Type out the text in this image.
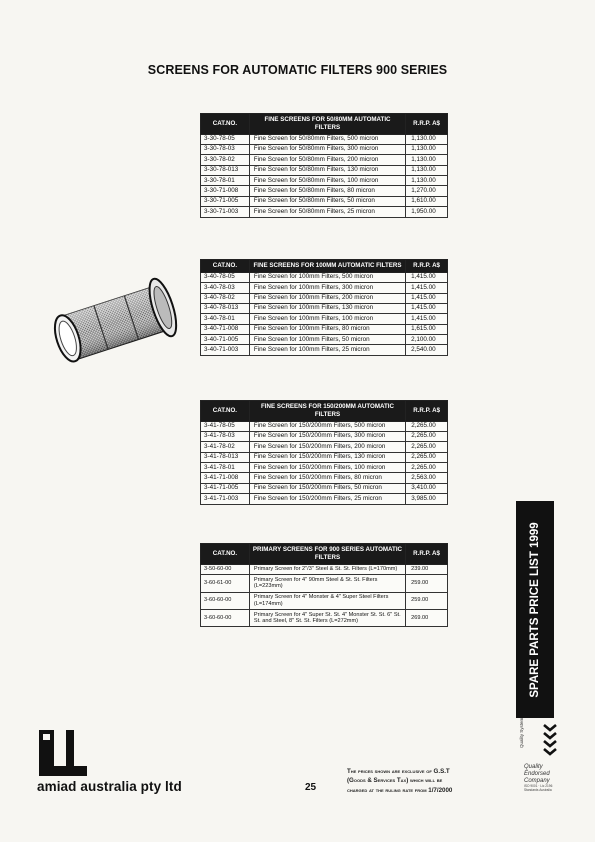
SCREENS FOR AUTOMATIC FILTERS 900 SERIES
CAT.NO.	FINE SCREENS FOR 50/80MM AUTOMATIC FILTERS	R.R.P. A$
3-30-78-05	Fine Screen for 50/80mm Filters, 500 micron	1,130.00
3-30-78-03	Fine Screen for 50/80mm Filters, 300 micron	1,130.00
3-30-78-02	Fine Screen for 50/80mm Filters, 200 micron	1,130.00
3-30-78-013	Fine Screen for 50/80mm Filters, 130 micron	1,130.00
3-30-78-01	Fine Screen for 50/80mm Filters, 100 micron	1,130.00
3-30-71-008	Fine Screen for 50/80mm Filters, 80 micron	1,270.00
3-30-71-005	Fine Screen for 50/80mm Filters, 50 micron	1,610.00
3-30-71-003	Fine Screen for 50/80mm Filters, 25 micron	1,950.00
CAT.NO.	FINE SCREENS FOR 100MM AUTOMATIC FILTERS	R.R.P. A$
3-40-78-05	Fine Screen for 100mm Filters, 500 micron	1,415.00
3-40-78-03	Fine Screen for 100mm Filters, 300 micron	1,415.00
3-40-78-02	Fine Screen for 100mm Filters, 200 micron	1,415.00
3-40-78-013	Fine Screen for 100mm Filters, 130 micron	1,415.00
3-40-78-01	Fine Screen for 100mm Filters, 100 micron	1,415.00
3-40-71-008	Fine Screen for 100mm Filters, 80 micron	1,615.00
3-40-71-005	Fine Screen for 100mm Filters, 50 micron	2,100.00
3-40-71-003	Fine Screen for 100mm Filters, 25 micron	2,540.00
CAT.NO.	FINE SCREENS FOR 150/200MM AUTOMATIC FILTERS	R.R.P. A$
3-41-78-05	Fine Screen for 150/200mm Filters, 500 micron	2,265.00
3-41-78-03	Fine Screen for 150/200mm Filters, 300 micron	2,265.00
3-41-78-02	Fine Screen for 150/200mm Filters, 200 micron	2,265.00
3-41-78-013	Fine Screen for 150/200mm Filters, 130 micron	2,265.00
3-41-78-01	Fine Screen for 150/200mm Filters, 100 micron	2,265.00
3-41-71-008	Fine Screen for 150/200mm Filters, 80 micron	2,563.00
3-41-71-005	Fine Screen for 150/200mm Filters, 50 micron	3,410.00
3-41-71-003	Fine Screen for 150/200mm Filters, 25 micron	3,985.00
CAT.NO.	PRIMARY SCREENS FOR 900 SERIES AUTOMATIC FILTERS	R.R.P. A$
3-50-60-00	Primary Screen for 2"/3" Steel & St. St. Filters (L=170mm)	239.00
3-60-61-00	Primary Screen for 4" 90mm Steel & St. St. Filters (L=223mm)	259.00
3-60-60-00	Primary Screen for 4" Monster & 4" Super Steel Filters (L=174mm)	259.00
3-60-60-00	Primary Screen for 4" Super St. St. 4" Monster St. St. 6" St. St. and Steel, 8" St. St. Filters (L=272mm)	269.00	SPARE PARTS PRICE LIST 1999
Quality System
Quality
Endorsed
Company
ISO 9001 · Lic 2196
Standards Australia
amiad australia pty ltd	25
The prices shown are exclusive of G.S.T
(Goods & Services Tax) which will be
charged at the ruling rate from 1/7/2000
